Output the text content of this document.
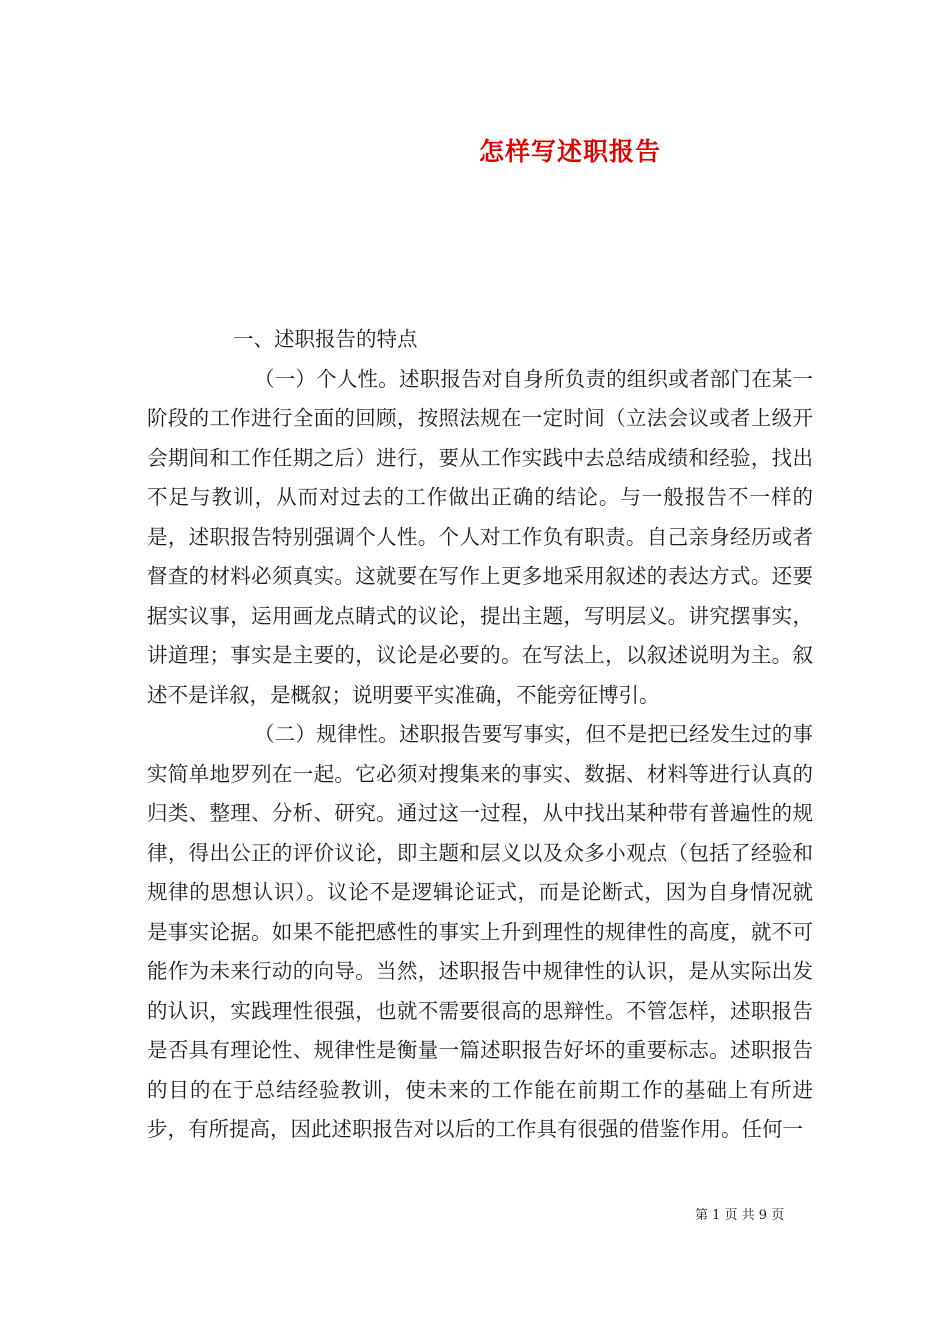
怎样写述职报告

一、述职报告的特点

（一）个人性。述职报告对自身所负责的组织或者部门在某一阶段的工作进行全面的回顾，按照法规在一定时间（立法会议或者上级开会期间和工作任期之后）进行，要从工作实践中去总结成绩和经验，找出不足与教训，从而对过去的工作做出正确的结论。与一般报告不一样的是，述职报告特别强调个人性。个人对工作负有职责。自己亲身经历或者督查的材料必须真实。这就要在写作上更多地采用叙述的表达方式。还要据实议事，运用画龙点睛式的议论，提出主题，写明层义。讲究摆事实，讲道理；事实是主要的，议论是必要的。在写法上，以叙述说明为主。叙述不是详叙，是概叙；说明要平实准确，不能旁征博引。

（二）规律性。述职报告要写事实，但不是把已经发生过的事实简单地罗列在一起。它必须对搜集来的事实、数据、材料等进行认真的归类、整理、分析、研究。通过这一过程，从中找出某种带有普遍性的规律，得出公正的评价议论，即主题和层义以及众多小观点（包括了经验和规律的思想认识）。议论不是逻辑论证式，而是论断式，因为自身情况就是事实论据。如果不能把感性的事实上升到理性的规律性的高度，就不可能作为未来行动的向导。当然，述职报告中规律性的认识，是从实际出发的认识，实践理性很强，也就不需要很高的思辩性。不管怎样，述职报告是否具有理论性、规律性是衡量一篇述职报告好坏的重要标志。述职报告的目的在于总结经验教训，使未来的工作能在前期工作的基础上有所进步，有所提高，因此述职报告对以后的工作具有很强的借鉴作用。任何一

第 1 页 共 9 页
